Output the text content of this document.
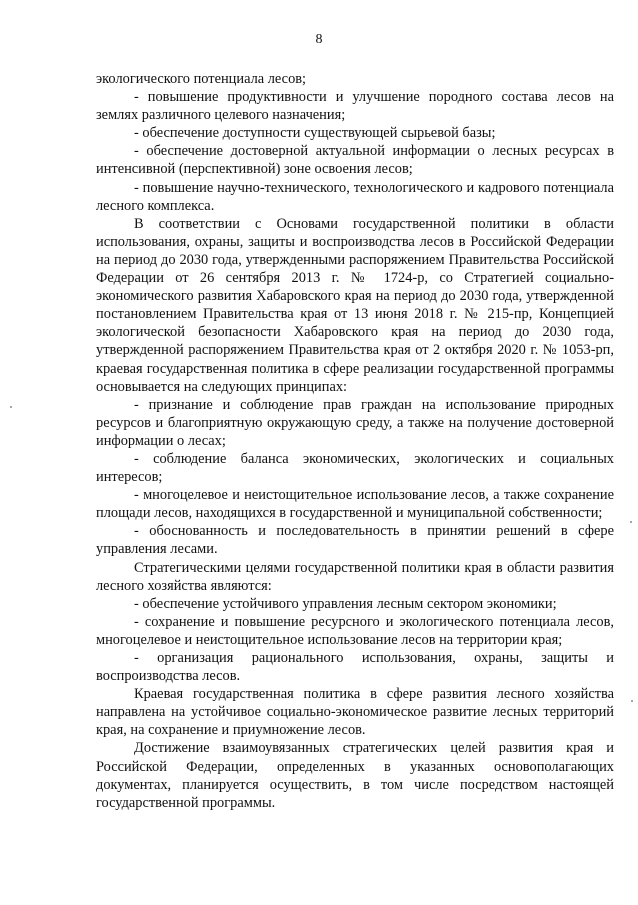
8

экологического потенциала лесов;

- повышение продуктивности и улучшение породного состава лесов на землях различного целевого назначения;

- обеспечение доступности существующей сырьевой базы;

- обеспечение достоверной актуальной информации о лесных ресурсах в интенсивной (перспективной) зоне освоения лесов;

- повышение научно-технического, технологического и кадрового потенциала лесного комплекса.

В соответствии с Основами государственной политики в области использования, охраны, защиты и воспроизводства лесов в Российской Федерации на период до 2030 года, утвержденными распоряжением Правительства Российской Федерации от 26 сентября 2013 г. № 1724-р, со Стратегией социально-экономического развития Хабаровского края на период до 2030 года, утвержденной постановлением Правительства края от 13 июня 2018 г. № 215-пр, Концепцией экологической безопасности Хабаровского края на период до 2030 года, утвержденной распоряжением Правительства края от 2 октября 2020 г. № 1053-рп, краевая государственная политика в сфере реализации государственной программы основывается на следующих принципах:

- признание и соблюдение прав граждан на использование природных ресурсов и благоприятную окружающую среду, а также на получение достоверной информации о лесах;

- соблюдение баланса экономических, экологических и социальных интересов;

- многоцелевое и неистощительное использование лесов, а также сохранение площади лесов, находящихся в государственной и муниципальной собственности;

- обоснованность и последовательность в принятии решений в сфере управления лесами.

Стратегическими целями государственной политики края в области развития лесного хозяйства являются:

- обеспечение устойчивого управления лесным сектором экономики;

- сохранение и повышение ресурсного и экологического потенциала лесов, многоцелевое и неистощительное использование лесов на территории края;

- организация рационального использования, охраны, защиты и воспроизводства лесов.

Краевая государственная политика в сфере развития лесного хозяйства направлена на устойчивое социально-экономическое развитие лесных территорий края, на сохранение и приумножение лесов.

Достижение взаимоувязанных стратегических целей развития края и Российской Федерации, определенных в указанных основополагающих документах, планируется осуществить, в том числе посредством настоящей государственной программы.
